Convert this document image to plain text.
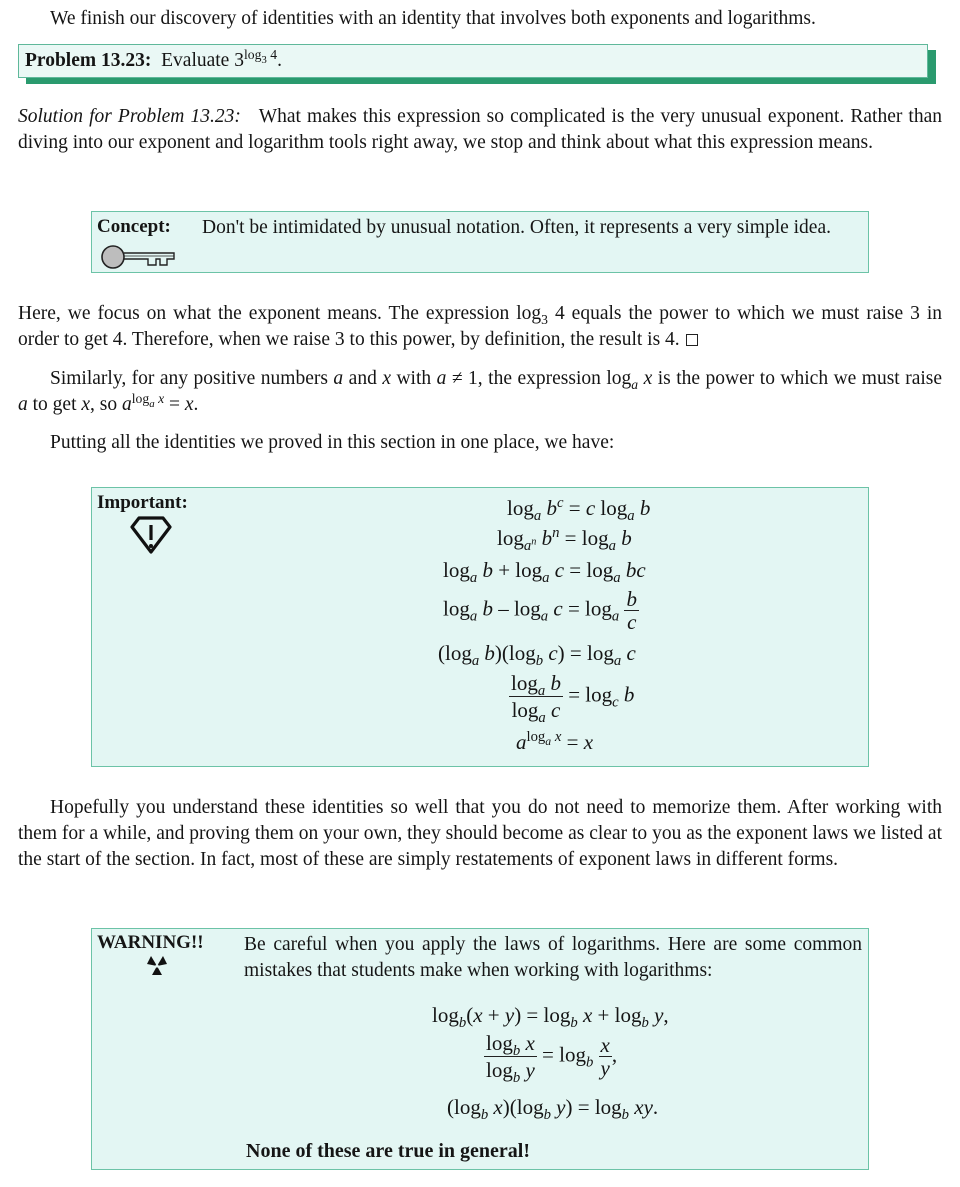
We finish our discovery of identities with an identity that involves both exponents and logarithms.
Problem 13.23: Evaluate $3^{log_3 4}$.
Solution for Problem 13.23: What makes this expression so complicated is the very unusual exponent. Rather than diving into our exponent and logarithm tools right away, we stop and think about what this expression means.
Concept: Don't be intimidated by unusual notation. Often, it represents a very simple idea.
Here, we focus on what the exponent means. The expression $\log_3 4$ equals the power to which we must raise 3 in order to get 4. Therefore, when we raise 3 to this power, by definition, the result is 4.
Similarly, for any positive numbers a and x with a ≠ 1, the expression $\log_a x$ is the power to which we must raise a to get x, so $a^{log_a x} = x$.
Putting all the identities we proved in this section in one place, we have:
Important:	$\log_a b^c = c$ $\log_a b$
$\log_{a^n} b^n = \log_a b$
$\log_a b + \log_a c = \log_a$ bc
$\log_a b - \log_a c = \log_a \frac{b}{c}$
($\log_a$ $b)(\log_b$ $c) = \log_a c$
$\frac{\log_a b}{\log_a c} = \log_c b$
$a^{log_a x} = x$
Hopefully you understand these identities so well that you do not need to memorize them. After working with them for a while, and proving them on your own, they should become as clear to you as the exponent laws we listed at the start of the section. In fact, most of these are simply restatements of exponent laws in different forms.
WARNING!! Be careful when you apply the laws of logarithms. Here are some common mistakes that students make when working with logarithms:
$\log_b(x + y) = \log_b x + \log_b y$,
$\frac{\log_b x}{\log_b y} = \log_b \frac{x}{y}$ ,
($\log_b$ $x)(\log_b$ $y) = \log_b$ xy.
None of these are true in general!
